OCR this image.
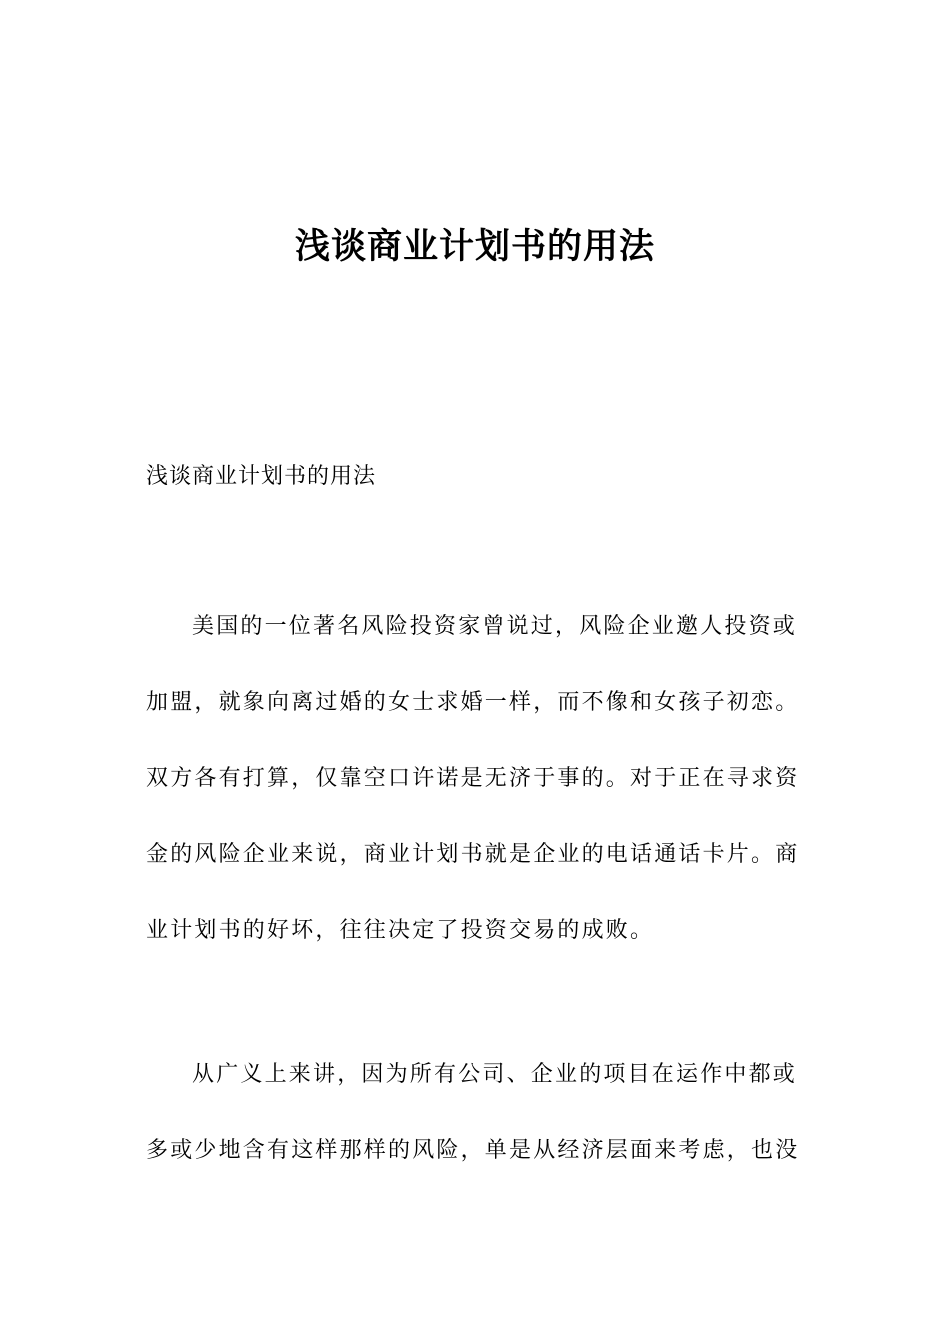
浅谈商业计划书的用法
浅谈商业计划书的用法
美国的一位著名风险投资家曾说过，风险企业邀人投资或
加盟，就象向离过婚的女士求婚一样，而不像和女孩子初恋。
双方各有打算，仅靠空口许诺是无济于事的。对于正在寻求资
金的风险企业来说，商业计划书就是企业的电话通话卡片。商
业计划书的好坏，往往决定了投资交易的成败。
从广义上来讲，因为所有公司、企业的项目在运作中都或
多或少地含有这样那样的风险，单是从经济层面来考虑，也没
